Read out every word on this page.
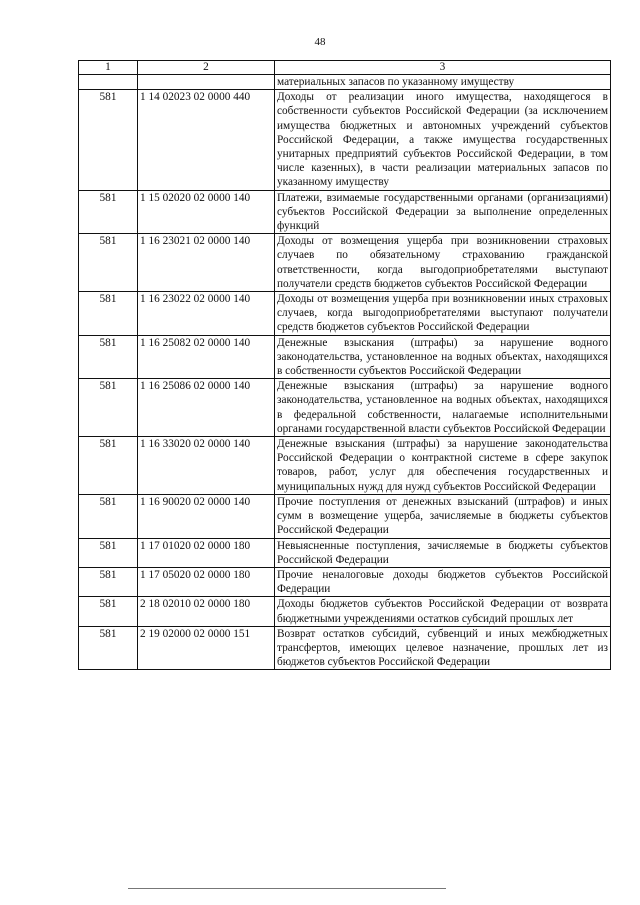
48
1	2	3
		материальных запасов по указанному имуществу
581	1 14 02023 02 0000 440	Доходы от реализации иного имущества, находящегося в собственности субъектов Российской Федерации (за исключением имущества бюджетных и автономных учреждений субъектов Российской Федерации, а также имущества государственных унитарных предприятий субъектов Российской Федерации, в том числе казенных), в части реализации материальных запасов по указанному имуществу
581	1 15 02020 02 0000 140	Платежи, взимаемые государственными органами (организациями) субъектов Российской Федерации за выполнение определенных функций
581	1 16 23021 02 0000 140	Доходы от возмещения ущерба при возникновении страховых случаев по обязательному страхованию гражданской ответственности, когда выгодоприобретателями выступают получатели средств бюджетов субъектов Российской Федерации
581	1 16 23022 02 0000 140	Доходы от возмещения ущерба при возникновении иных страховых случаев, когда выгодоприобретателями выступают получатели средств бюджетов субъектов Российской Федерации
581	1 16 25082 02 0000 140	Денежные взыскания (штрафы) за нарушение водного законодательства, установленное на водных объектах, находящихся в собственности субъектов Российской Федерации
581	1 16 25086 02 0000 140	Денежные взыскания (штрафы) за нарушение водного законодательства, установленное на водных объектах, находящихся в федеральной собственности, налагаемые исполнительными органами государственной власти субъектов Российской Федерации
581	1 16 33020 02 0000 140	Денежные взыскания (штрафы) за нарушение законодательства Российской Федерации о контрактной системе в сфере закупок товаров, работ, услуг для обеспечения государственных и муниципальных нужд для нужд субъектов Российской Федерации
581	1 16 90020 02 0000 140	Прочие поступления от денежных взысканий (штрафов) и иных сумм в возмещение ущерба, зачисляемые в бюджеты субъектов Российской Федерации
581	1 17 01020 02 0000 180	Невыясненные поступления, зачисляемые в бюджеты субъектов Российской Федерации
581	1 17 05020 02 0000 180	Прочие неналоговые доходы бюджетов субъектов Российской Федерации
581	2 18 02010 02 0000 180	Доходы бюджетов субъектов Российской Федерации от возврата бюджетными учреждениями остатков субсидий прошлых лет
581	2 19 02000 02 0000 151	Возврат остатков субсидий, субвенций и иных межбюджетных трансфертов, имеющих целевое назначение, прошлых лет из бюджетов субъектов Российской Федерации
